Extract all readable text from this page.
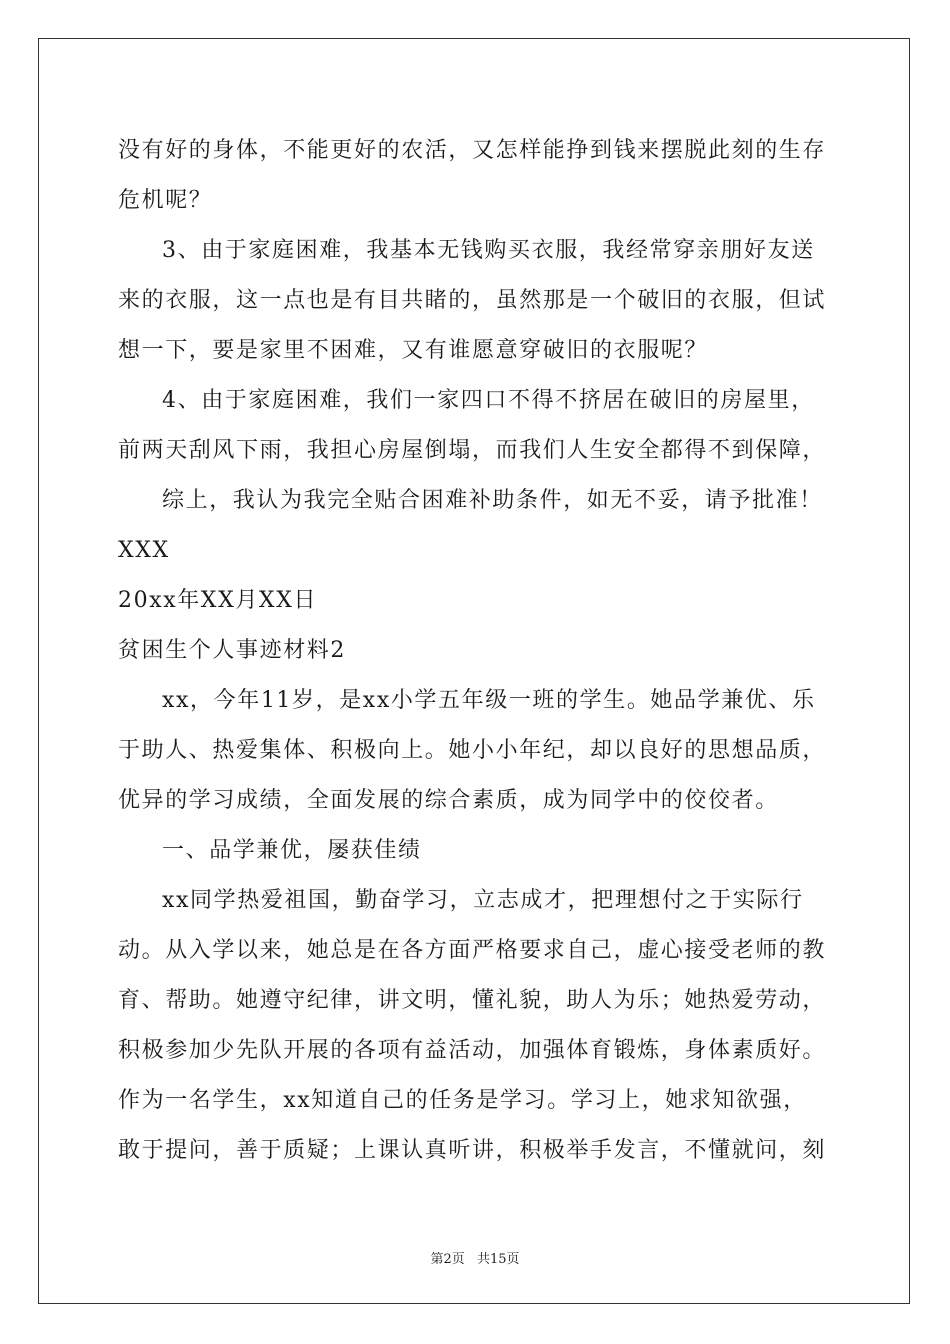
没有好的身体，不能更好的农活，又怎样能挣到钱来摆脱此刻的生存
危机呢？
3、由于家庭困难，我基本无钱购买衣服，我经常穿亲朋好友送
来的衣服，这一点也是有目共睹的，虽然那是一个破旧的衣服，但试
想一下，要是家里不困难，又有谁愿意穿破旧的衣服呢？
4、由于家庭困难，我们一家四口不得不挤居在破旧的房屋里，
前两天刮风下雨，我担心房屋倒塌，而我们人生安全都得不到保障，
综上，我认为我完全贴合困难补助条件，如无不妥，请予批准！
XXX
20xx年XX月XX日
贫困生个人事迹材料2
xx，今年11岁，是xx小学五年级一班的学生。她品学兼优、乐
于助人、热爱集体、积极向上。她小小年纪，却以良好的思想品质，
优异的学习成绩，全面发展的综合素质，成为同学中的佼佼者。
一、品学兼优，屡获佳绩
xx同学热爱祖国，勤奋学习，立志成才，把理想付之于实际行
动。从入学以来，她总是在各方面严格要求自己，虚心接受老师的教
育、帮助。她遵守纪律，讲文明，懂礼貌，助人为乐；她热爱劳动，
积极参加少先队开展的各项有益活动，加强体育锻炼，身体素质好。
作为一名学生，xx知道自己的任务是学习。学习上，她求知欲强，
敢于提问，善于质疑；上课认真听讲，积极举手发言，不懂就问，刻
第2页 共15页
